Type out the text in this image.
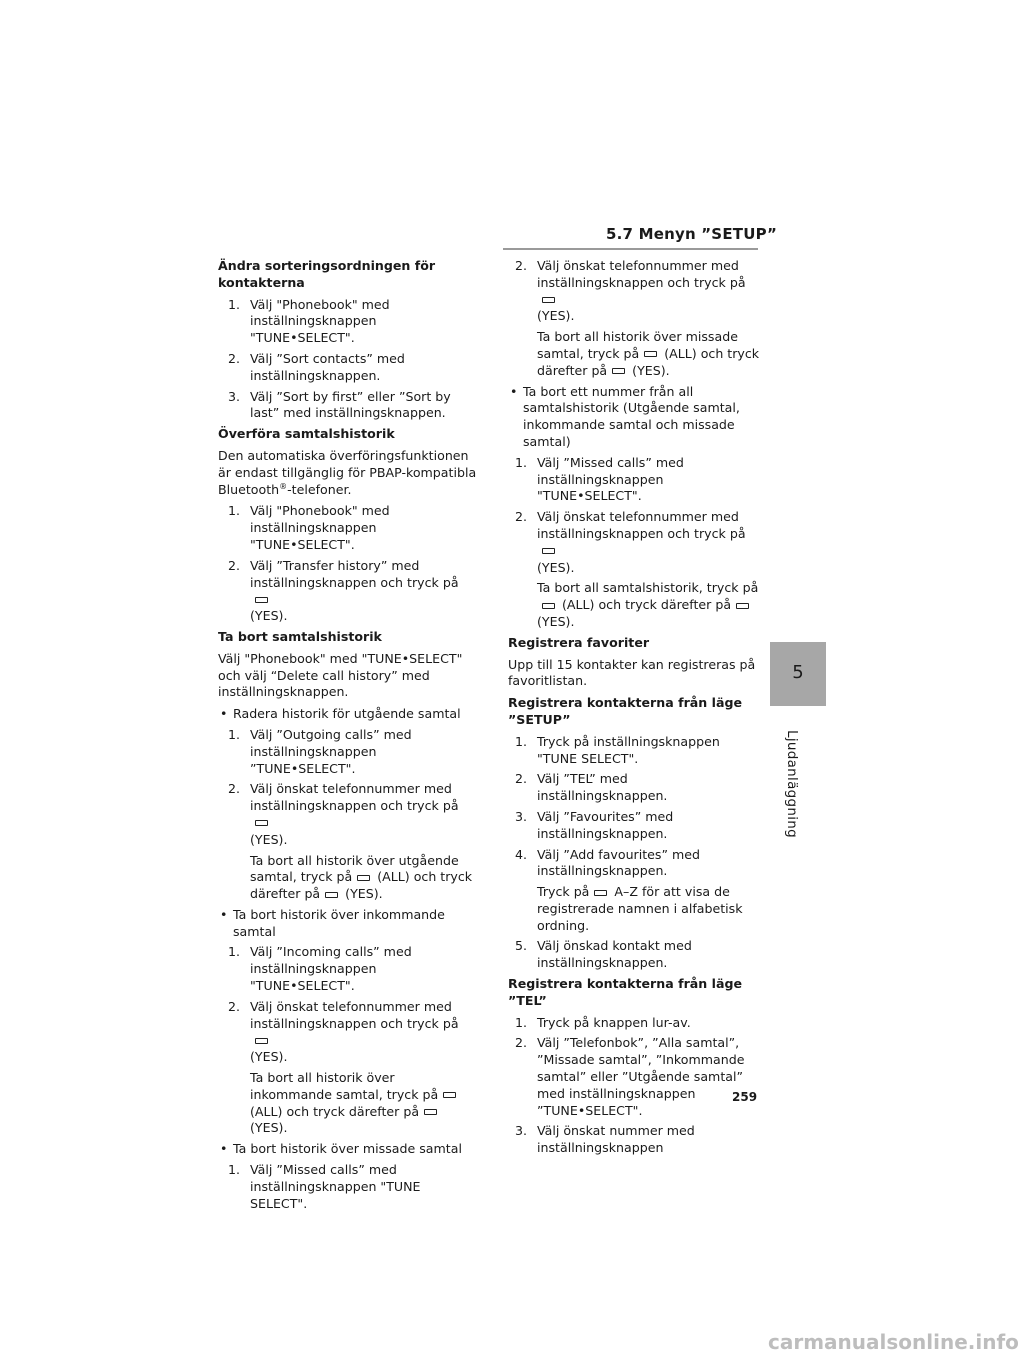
5.7 Menyn ”SETUP”
Ändra sorteringsordningen för kontakterna
1. Välj "Phonebook" med inställningsknappen "TUNE•SELECT".
2. Välj ”Sort contacts” med inställningsknappen.
3. Välj ”Sort by first” eller ”Sort by last” med inställningsknappen.
Överföra samtalshistorik
Den automatiska överföringsfunktionen är endast tillgänglig för PBAP-kompatibla Bluetooth®-telefoner.
1. Välj "Phonebook" med inställningsknappen "TUNE•SELECT".
2. Välj ”Transfer history” med inställningsknappen och tryck på
(YES).
Ta bort samtalshistorik
Välj "Phonebook" med "TUNE•SELECT" och välj “Delete call history” med inställningsknappen.
• Radera historik för utgående samtal
1. Välj ”Outgoing calls” med inställningsknappen ”TUNE•SELECT".
2. Välj önskat telefonnummer med inställningsknappen och tryck på
(YES).
Ta bort all historik över utgående samtal, tryck på (ALL) och tryck därefter på (YES).
• Ta bort historik över inkommande samtal
1. Välj ”Incoming calls” med inställningsknappen "TUNE•SELECT".
2. Välj önskat telefonnummer med inställningsknappen och tryck på
(YES).
Ta bort all historik över inkommande samtal, tryck på(ALL) och tryck därefter på(YES).
• Ta bort historik över missade samtal
1. Välj ”Missed calls” med inställningsknappen "TUNE SELECT".
2. Välj önskat telefonnummer med inställningsknappen och tryck på
(YES).
Ta bort all historik över missade samtal, tryck på (ALL) och tryck därefter på (YES).
• Ta bort ett nummer från all samtalshistorik (Utgående samtal, inkommande samtal och missade samtal)
1. Välj ”Missed calls” med inställningsknappen "TUNE•SELECT".
2. Välj önskat telefonnummer med inställningsknappen och tryck på
(YES).
Ta bort all samtalshistorik, tryck på(ALL) och tryck därefter på(YES).
Registrera favoriter
Upp till 15 kontakter kan registreras på favoritlistan.
Registrera kontakterna från läge ”SETUP”
1. Tryck på inställningsknappen "TUNE SELECT".
2. Välj ”TEL” med inställningsknappen.
3. Välj ”Favourites” med inställningsknappen.
4. Välj ”Add favourites” med inställningsknappen.
Tryck på A–Z för att visa de registrerade namnen i alfabetisk ordning.
5. Välj önskad kontakt med inställningsknappen.
Registrera kontakterna från läge ”TEL”
1. Tryck på knappen lur-av.
2. Välj ”Telefonbok”, ”Alla samtal”, ”Missade samtal”, ”Inkommande samtal” eller ”Utgående samtal” med inställningsknappen ”TUNE•SELECT".
3. Välj önskat nummer med inställningsknappen
5
Ljudanläggning
259
carmanualsonline.info
